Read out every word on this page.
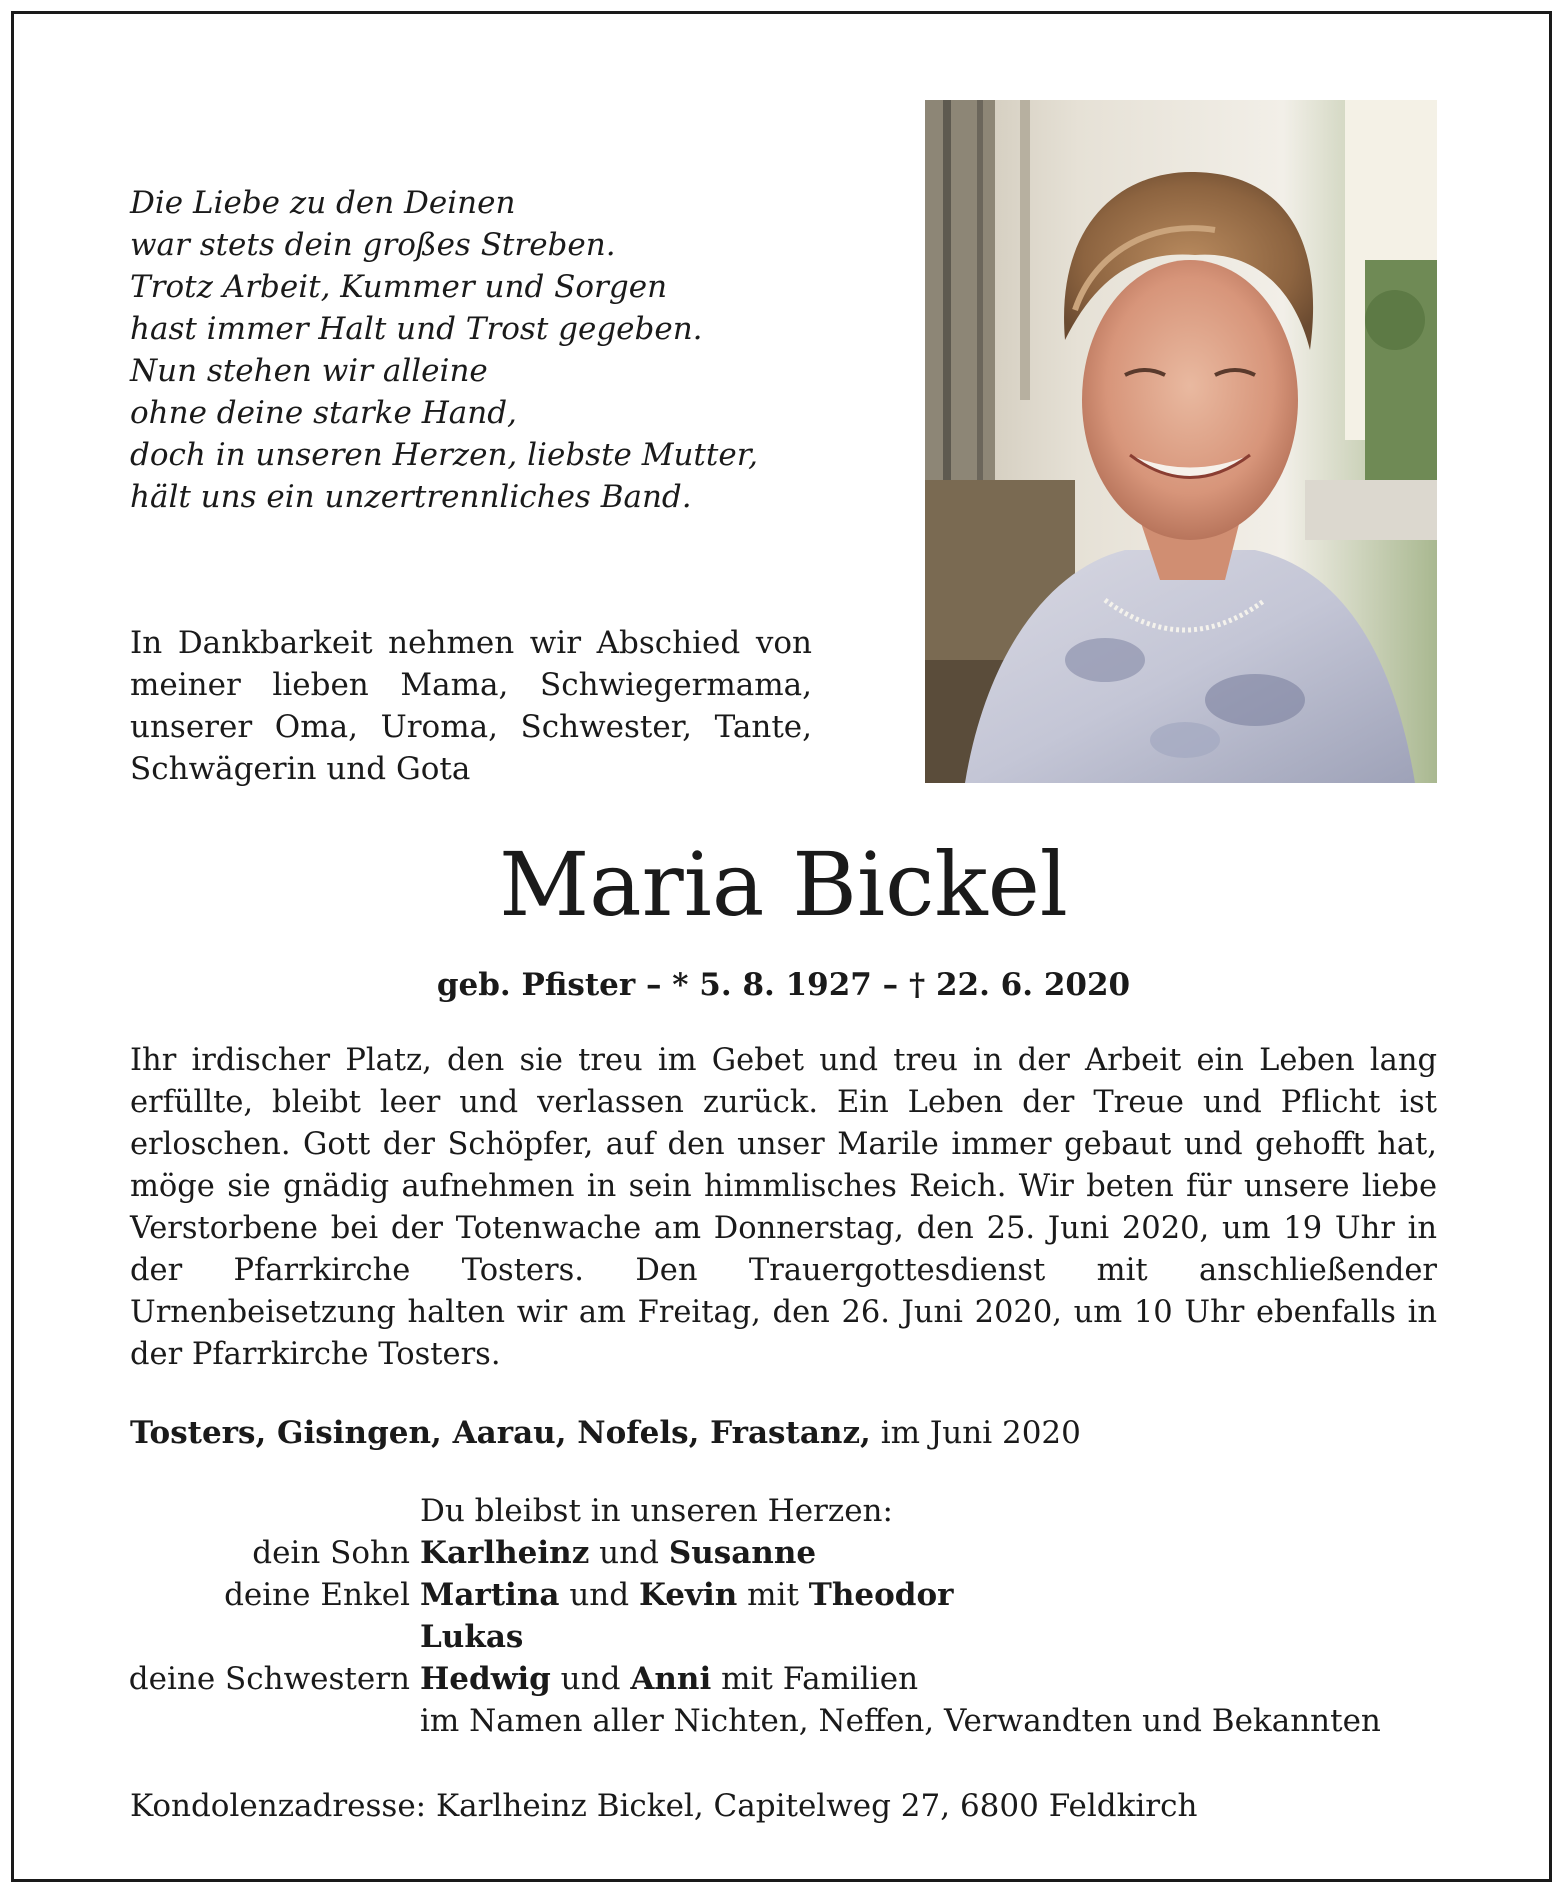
Die Liebe zu den Deinen
war stets dein großes Streben.
Trotz Arbeit, Kummer und Sorgen
hast immer Halt und Trost gegeben.
Nun stehen wir alleine
ohne deine starke Hand,
doch in unseren Herzen, liebste Mutter,
hält uns ein unzertrennliches Band.
In Dankbarkeit nehmen wir Abschied von meiner lieben Mama, Schwiegermama, unserer Oma, Uroma, Schwester, Tante, Schwägerin und Gota
Maria Bickel
geb. Pfister – * 5. 8. 1927 – † 22. 6. 2020
Ihr irdischer Platz, den sie treu im Gebet und treu in der Arbeit ein Leben lang erfüllte, bleibt leer und verlassen zurück. Ein Leben der Treue und Pflicht ist erloschen. Gott der Schöpfer, auf den unser Marile immer gebaut und gehofft hat, möge sie gnädig aufnehmen in sein himmlisches Reich. Wir beten für unsere liebe Verstorbene bei der Totenwache am Donnerstag, den 25. Juni 2020, um 19 Uhr in der Pfarrkirche Tosters. Den Trauergottesdienst mit anschließender Urnenbeisetzung halten wir am Freitag, den 26. Juni 2020, um 10 Uhr ebenfalls in der Pfarrkirche Tosters.
Tosters, Gisingen, Aarau, Nofels, Frastanz, im Juni 2020
Du bleibst in unseren Herzen:
dein Sohn Karlheinz und Susanne
deine Enkel Martina und Kevin mit Theodor
Lukas
deine Schwestern Hedwig und Anni mit Familien
im Namen aller Nichten, Neffen, Verwandten und Bekannten
Kondolenzadresse: Karlheinz Bickel, Capitelweg 27, 6800 Feldkirch
